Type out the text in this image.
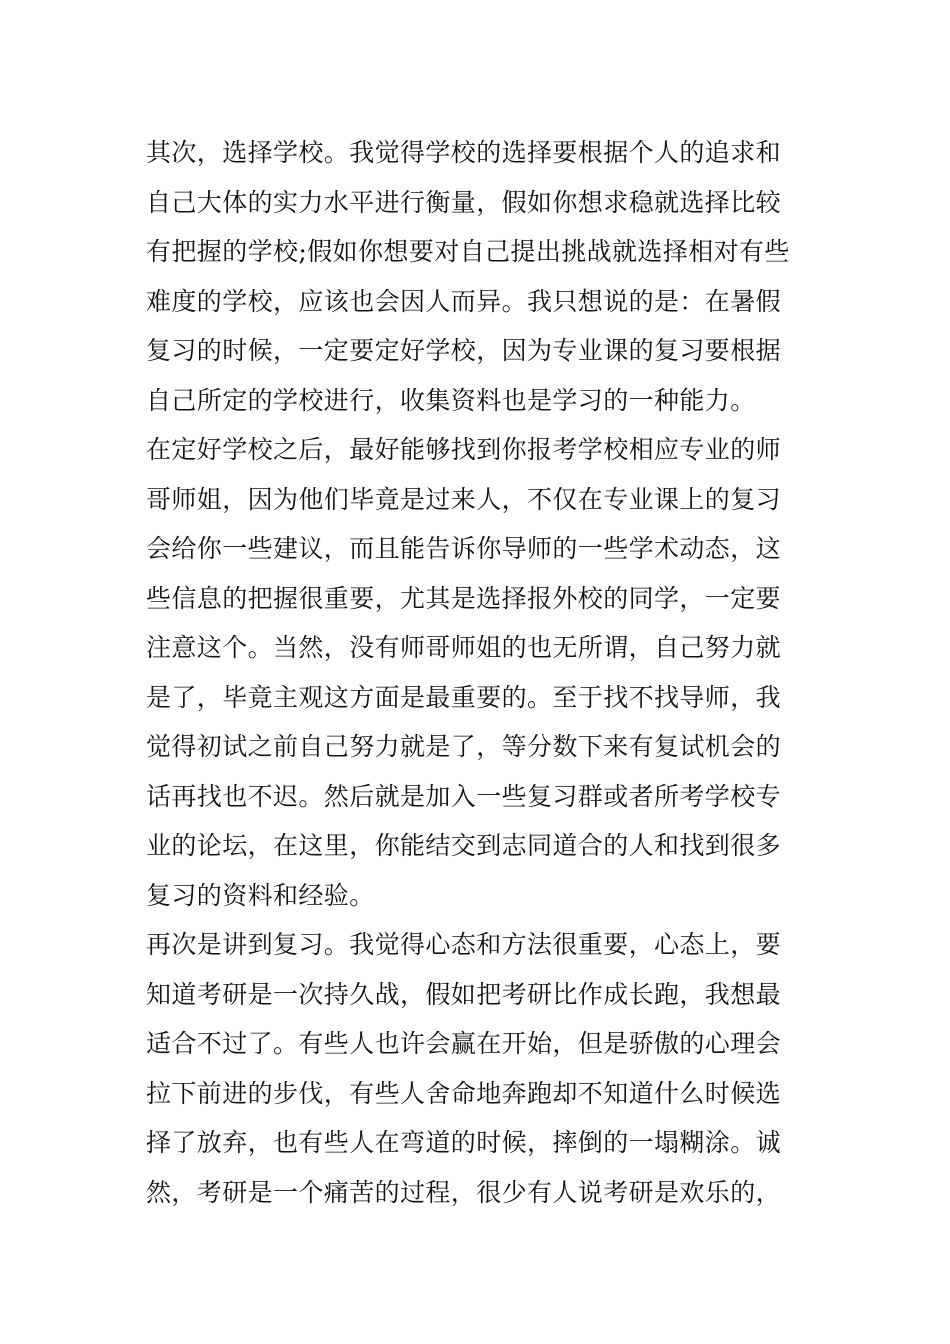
其次，选择学校。我觉得学校的选择要根据个人的追求和
自己大体的实力水平进行衡量，假如你想求稳就选择比较
有把握的学校;假如你想要对自己提出挑战就选择相对有些
难度的学校，应该也会因人而异。我只想说的是：在暑假
复习的时候，一定要定好学校，因为专业课的复习要根据
自己所定的学校进行，收集资料也是学习的一种能力。
在定好学校之后，最好能够找到你报考学校相应专业的师
哥师姐，因为他们毕竟是过来人，不仅在专业课上的复习
会给你一些建议，而且能告诉你导师的一些学术动态，这
些信息的把握很重要，尤其是选择报外校的同学，一定要
注意这个。当然，没有师哥师姐的也无所谓，自己努力就
是了，毕竟主观这方面是最重要的。至于找不找导师，我
觉得初试之前自己努力就是了，等分数下来有复试机会的
话再找也不迟。然后就是加入一些复习群或者所考学校专
业的论坛，在这里，你能结交到志同道合的人和找到很多
复习的资料和经验。
再次是讲到复习。我觉得心态和方法很重要，心态上，要
知道考研是一次持久战，假如把考研比作成长跑，我想最
适合不过了。有些人也许会赢在开始，但是骄傲的心理会
拉下前进的步伐，有些人舍命地奔跑却不知道什么时候选
择了放弃，也有些人在弯道的时候，摔倒的一塌糊涂。诚
然，考研是一个痛苦的过程，很少有人说考研是欢乐的，
